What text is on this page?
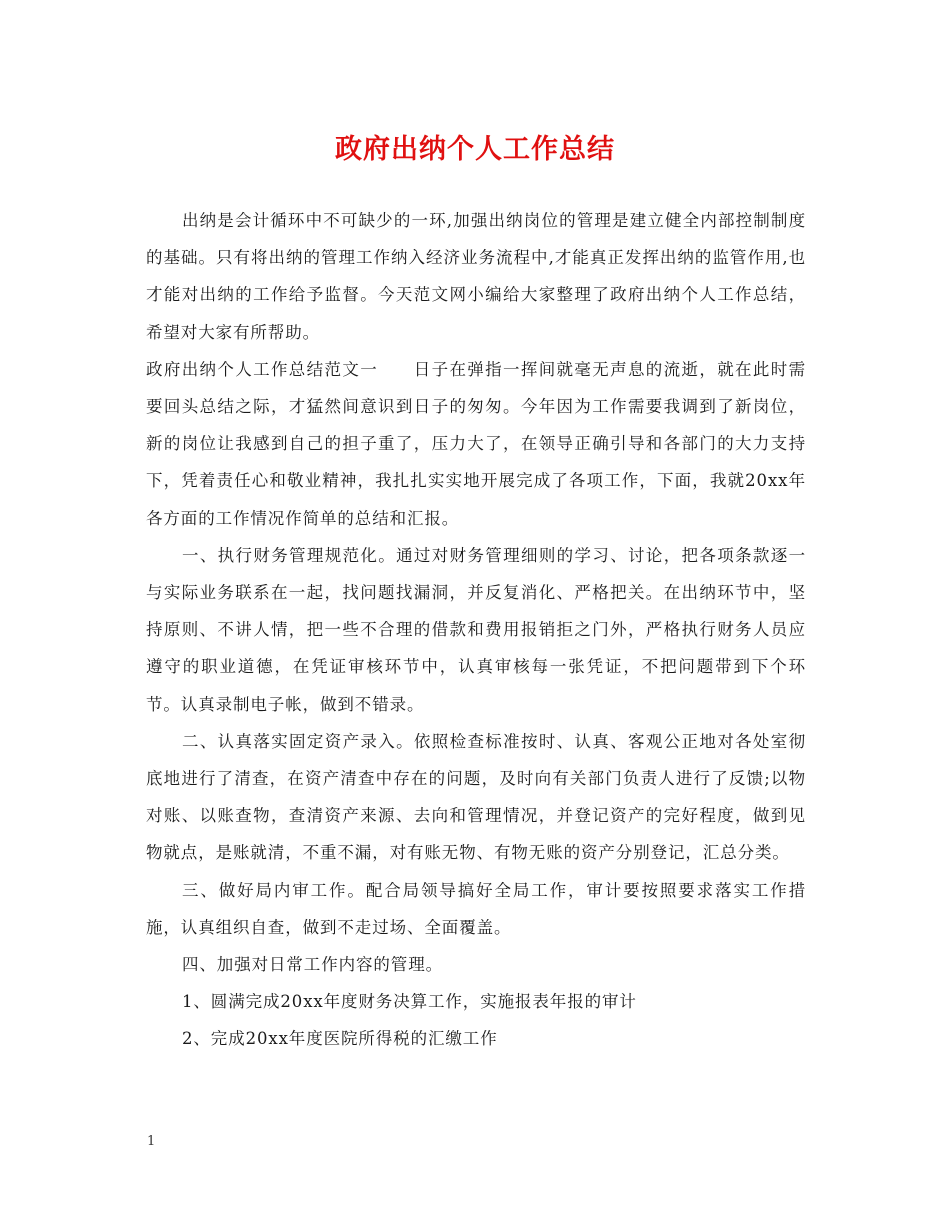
政府出纳个人工作总结

出纳是会计循环中不可缺少的一环,加强出纳岗位的管理是建立健全内部控制制度的基础。只有将出纳的管理工作纳入经济业务流程中,才能真正发挥出纳的监管作用,也才能对出纳的工作给予监督。今天范文网小编给大家整理了政府出纳个人工作总结，希望对大家有所帮助。

政府出纳个人工作总结范文一　　日子在弹指一挥间就毫无声息的流逝，就在此时需要回头总结之际，才猛然间意识到日子的匆匆。今年因为工作需要我调到了新岗位，新的岗位让我感到自己的担子重了，压力大了，在领导正确引导和各部门的大力支持下，凭着责任心和敬业精神，我扎扎实实地开展完成了各项工作，下面，我就20xx年各方面的工作情况作简单的总结和汇报。

一、执行财务管理规范化。通过对财务管理细则的学习、讨论，把各项条款逐一与实际业务联系在一起，找问题找漏洞，并反复消化、严格把关。在出纳环节中，坚持原则、不讲人情，把一些不合理的借款和费用报销拒之门外，严格执行财务人员应遵守的职业道德，在凭证审核环节中，认真审核每一张凭证，不把问题带到下个环节。认真录制电子帐，做到不错录。

二、认真落实固定资产录入。依照检查标准按时、认真、客观公正地对各处室彻底地进行了清查，在资产清查中存在的问题，及时向有关部门负责人进行了反馈;以物对账、以账查物，查清资产来源、去向和管理情况，并登记资产的完好程度，做到见物就点，是账就清，不重不漏，对有账无物、有物无账的资产分别登记，汇总分类。

三、做好局内审工作。配合局领导搞好全局工作，审计要按照要求落实工作措施，认真组织自查，做到不走过场、全面覆盖。

四、加强对日常工作内容的管理。

1、圆满完成20xx年度财务决算工作，实施报表年报的审计

2、完成20xx年度医院所得税的汇缴工作

1
